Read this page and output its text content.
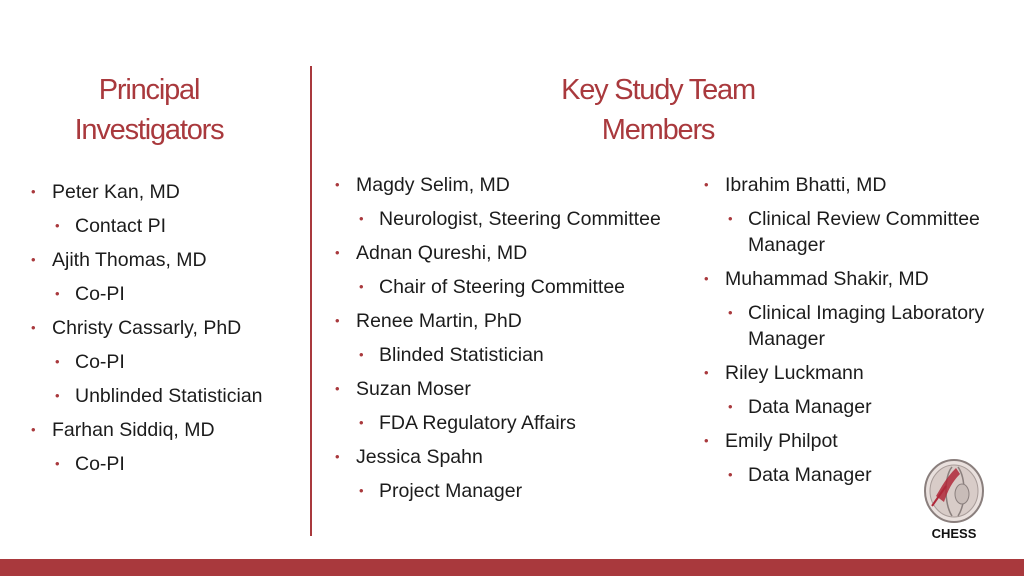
Principal
Investigators
Key Study Team
Members
• Peter Kan, MD
• Contact PI
• Ajith Thomas, MD
• Co-PI
• Christy Cassarly, PhD
• Co-PI
• Unblinded Statistician
• Farhan Siddiq, MD
• Co-PI
• Magdy Selim, MD
• Neurologist, Steering Committee
• Adnan Qureshi, MD
• Chair of Steering Committee
• Renee Martin, PhD
• Blinded Statistician
• Suzan Moser
• FDA Regulatory Affairs
• Jessica Spahn
• Project Manager
• Ibrahim Bhatti, MD
• Clinical Review Committee Manager
• Muhammad Shakir, MD
• Clinical Imaging Laboratory Manager
• Riley Luckmann
• Data Manager
• Emily Philpot
• Data Manager
CHESS
